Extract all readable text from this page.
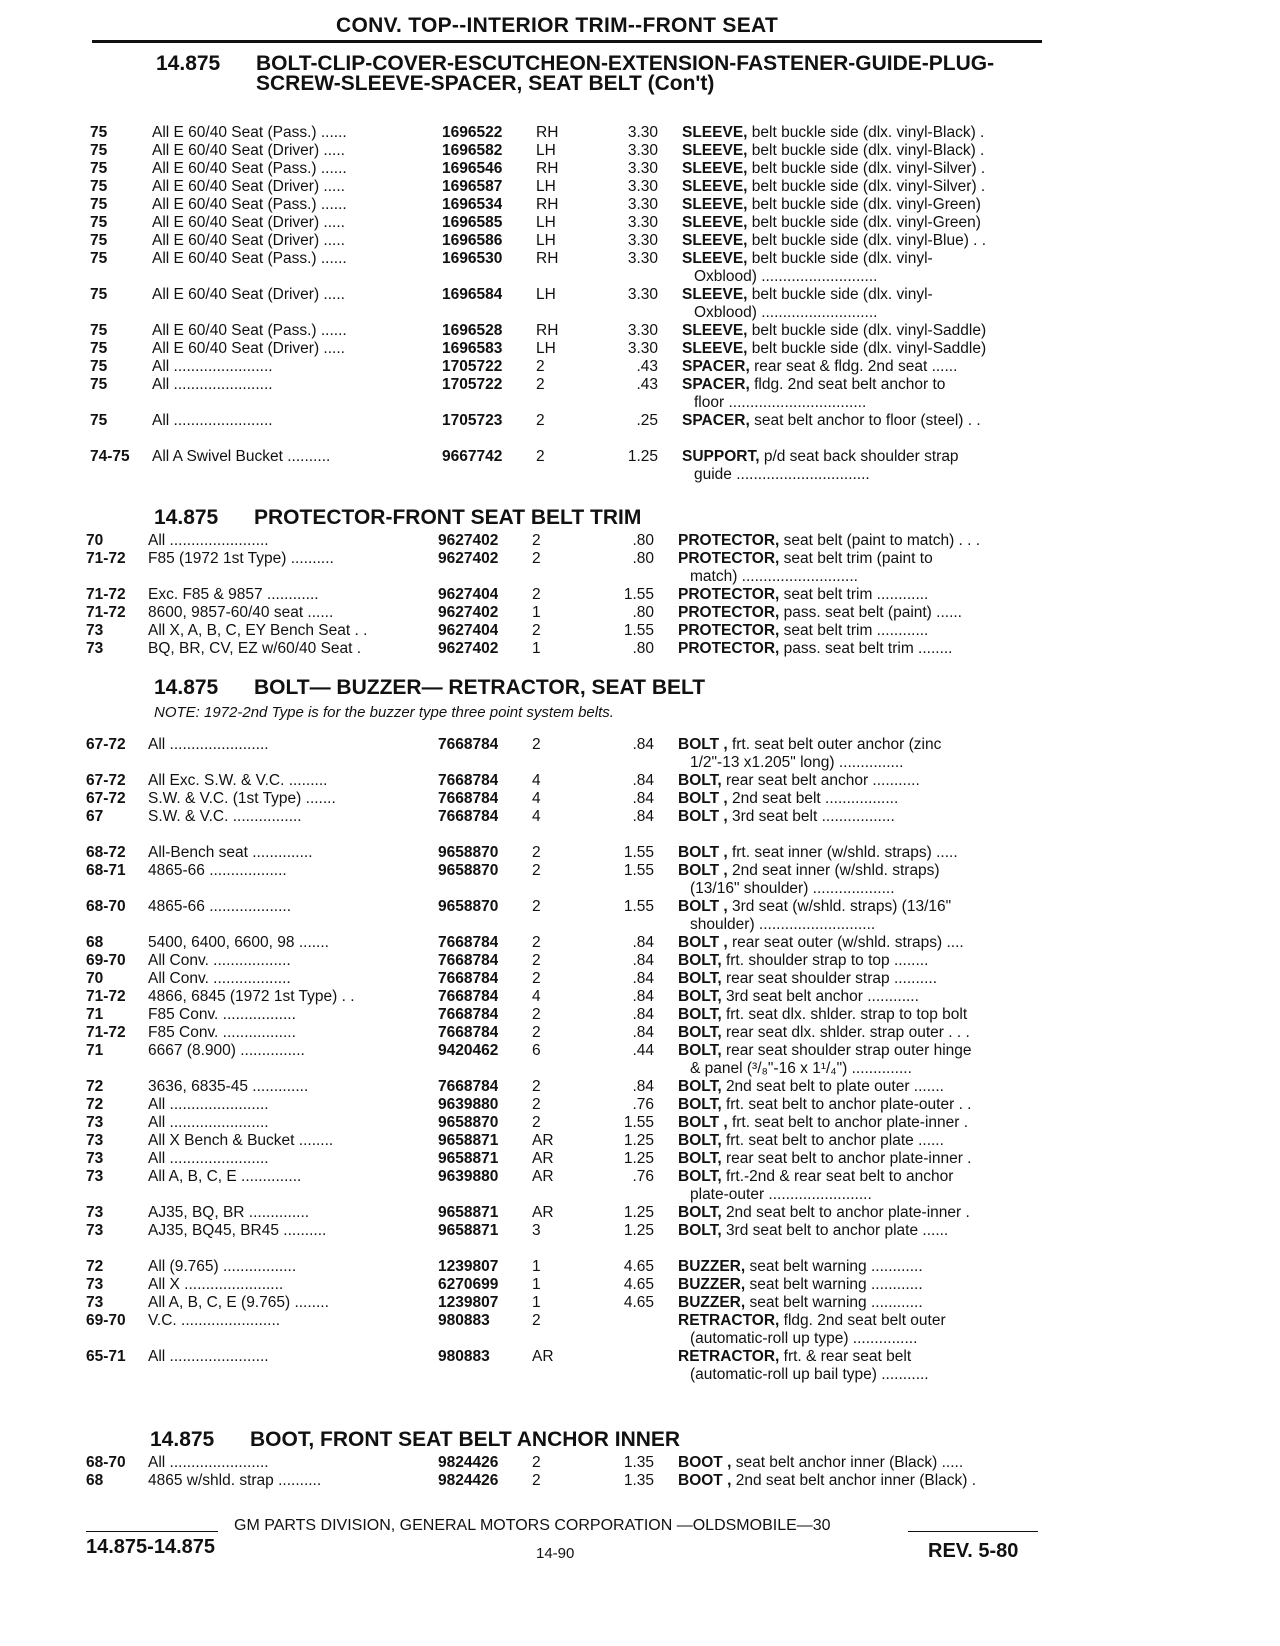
CONV. TOP--INTERIOR TRIM--FRONT SEAT
14.875 BOLT-CLIP-COVER-ESCUTCHEON-EXTENSION-FASTENER-GUIDE-PLUG-
SCREW-SLEEVE-SPACER, SEAT BELT (Con't)
14.875 PROTECTOR-FRONT SEAT BELT TRIM
14.875 BOLT— BUZZER— RETRACTOR, SEAT BELT
NOTE: 1972-2nd Type is for the buzzer type three point system belts.
14.875 BOOT, FRONT SEAT BELT ANCHOR INNER
75	All E 60/40 Seat (Pass.) ......	1696522 RH	3.30 SLEEVE, belt buckle side (dlx. vinyl-Black) .

75	All E 60/40 Seat (Driver) .....	1696582 LH	3.30 SLEEVE, belt buckle side (dlx. vinyl-Black) .

75	All E 60/40 Seat (Pass.) ......	1696546 RH	3.30 SLEEVE, belt buckle side (dlx. vinyl-Silver) .

75	All E 60/40 Seat (Driver) .....	1696587 LH	3.30 SLEEVE, belt buckle side (dlx. vinyl-Silver) .

75	All E 60/40 Seat (Pass.) ......	1696534 RH	3.30 SLEEVE, belt buckle side (dlx. vinyl-Green)

75	All E 60/40 Seat (Driver) .....	1696585 LH	3.30 SLEEVE, belt buckle side (dlx. vinyl-Green)

75	All E 60/40 Seat (Driver) .....	1696586 LH	3.30 SLEEVE, belt buckle side (dlx. vinyl-Blue) . .

75	All E 60/40 Seat (Pass.) ......	1696530 RH	3.30 SLEEVE, belt buckle side (dlx. vinyl-
Oxblood) ...........................
75	All E 60/40 Seat (Driver) .....	1696584 LH	3.30 SLEEVE, belt buckle side (dlx. vinyl-
Oxblood) ...........................
75	All E 60/40 Seat (Pass.) ......	1696528 RH	3.30 SLEEVE, belt buckle side (dlx. vinyl-Saddle)

75	All E 60/40 Seat (Driver) .....	1696583 LH	3.30 SLEEVE, belt buckle side (dlx. vinyl-Saddle)

75	All .......................	1705722 2	.43 SPACER, rear seat & fldg. 2nd seat ......

75	All .......................	1705722 2	.43 SPACER, fldg. 2nd seat belt anchor to
floor ................................
75	All .......................	1705723 2	.25 SPACER, seat belt anchor to floor (steel) . .

74-75 All A Swivel Bucket ..........	9667742 2	1.25 SUPPORT, p/d seat back shoulder strap
guide ...............................
70	All .......................	9627402 2	.80 PROTECTOR, seat belt (paint to match) . . .

71-72 F85 (1972 1st Type) ..........	9627402 2	.80 PROTECTOR, seat belt trim (paint to
match) ...........................
71-72 Exc. F85 & 9857 ............	9627404 2	1.55 PROTECTOR, seat belt trim ............

71-72 8600, 9857-60/40 seat ......	9627402 1	.80 PROTECTOR, pass. seat belt (paint) ......

73	All X, A, B, C, EY Bench Seat . .	9627404 2	1.55 PROTECTOR, seat belt trim ............

73	BQ, BR, CV, EZ w/60/40 Seat .	9627402 1	.80 PROTECTOR, pass. seat belt trim ........

67-72 All .......................	7668784 2	.84 BOLT , frt. seat belt outer anchor (zinc
1/2"-13 x1.205" long) ...............
67-72 All Exc. S.W. & V.C. .........	7668784 4	.84 BOLT, rear seat belt anchor ...........

67-72 S.W. & V.C. (1st Type) .......	7668784 4	.84 BOLT , 2nd seat belt .................

67	S.W. & V.C. ................	7668784 4	.84 BOLT , 3rd seat belt .................

68-72 All-Bench seat ..............	9658870 2	1.55 BOLT , frt. seat inner (w/shld. straps) .....

68-71 4865-66 ..................	9658870 2	1.55 BOLT , 2nd seat inner (w/shld. straps)
(13/16" shoulder) ...................
68-70 4865-66 ...................	9658870 2	1.55 BOLT , 3rd seat (w/shld. straps) (13/16"
shoulder) ...........................
68	5400, 6400, 6600, 98 .......	7668784 2	.84 BOLT , rear seat outer (w/shld. straps) ....

69-70 All Conv. ..................	7668784 2	.84 BOLT, frt. shoulder strap to top ........

70	All Conv. ..................	7668784 2	.84 BOLT, rear seat shoulder strap ..........

71-72 4866, 6845 (1972 1st Type) . .	7668784 4	.84 BOLT, 3rd seat belt anchor ............

71	F85 Conv. .................	7668784 2	.84 BOLT, frt. seat dlx. shlder. strap to top bolt

71-72 F85 Conv. .................	7668784 2	.84 BOLT, rear seat dlx. shlder. strap outer . . .

71	6667 (8.900) ...............	9420462 6	.44 BOLT, rear seat shoulder strap outer hinge
& panel (³/₈"-16 x 1¹/₄") ..............
72	3636, 6835-45 .............	7668784 2	.84 BOLT, 2nd seat belt to plate outer .......

72	All .......................	9639880 2	.76 BOLT, frt. seat belt to anchor plate-outer . .

73	All .......................	9658870 2	1.55 BOLT , frt. seat belt to anchor plate-inner .

73	All X Bench & Bucket ........	9658871 AR	1.25 BOLT, frt. seat belt to anchor plate ......

73	All .......................	9658871 AR	1.25 BOLT, rear seat belt to anchor plate-inner .

73	All A, B, C, E ..............	9639880 AR	.76 BOLT, frt.-2nd & rear seat belt to anchor
plate-outer ........................
73	AJ35, BQ, BR ..............	9658871 AR	1.25 BOLT, 2nd seat belt to anchor plate-inner .

73	AJ35, BQ45, BR45 ..........	9658871 3	1.25 BOLT, 3rd seat belt to anchor plate ......

72	All (9.765) .................	1239807 1	4.65 BUZZER, seat belt warning ............

73	All X .......................	6270699 1	4.65 BUZZER, seat belt warning ............

73	All A, B, C, E (9.765) ........	1239807 1	4.65 BUZZER, seat belt warning ............

69-70 V.C. .......................	980883	2	RETRACTOR, fldg. 2nd seat belt outer
(automatic-roll up type) ...............
65-71 All .......................	980883	AR	RETRACTOR, frt. & rear seat belt
(automatic-roll up bail type) ...........
68-70 All .......................	9824426 2	1.35 BOOT , seat belt anchor inner (Black) .....

68	4865 w/shld. strap ..........	9824426 2	1.35 BOOT , 2nd seat belt anchor inner (Black) .

GM PARTS DIVISION, GENERAL MOTORS CORPORATION —OLDSMOBILE—30
14.875-14.875	14-90	REV. 5-80
